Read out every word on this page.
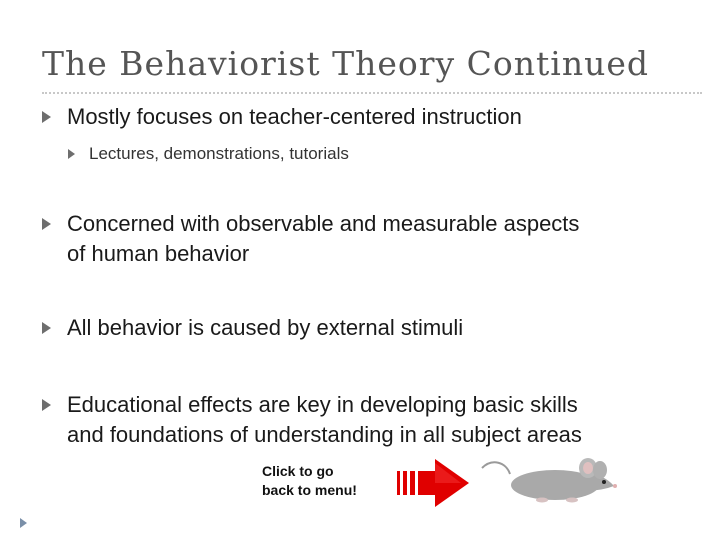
The Behaviorist Theory Continued
Mostly focuses on teacher-centered instruction
Lectures, demonstrations, tutorials
Concerned with observable and measurable aspects
of human behavior
All behavior is caused by external stimuli
Educational effects are key in developing basic skills
and foundations of understanding in all subject areas
Click to go
back to menu!
